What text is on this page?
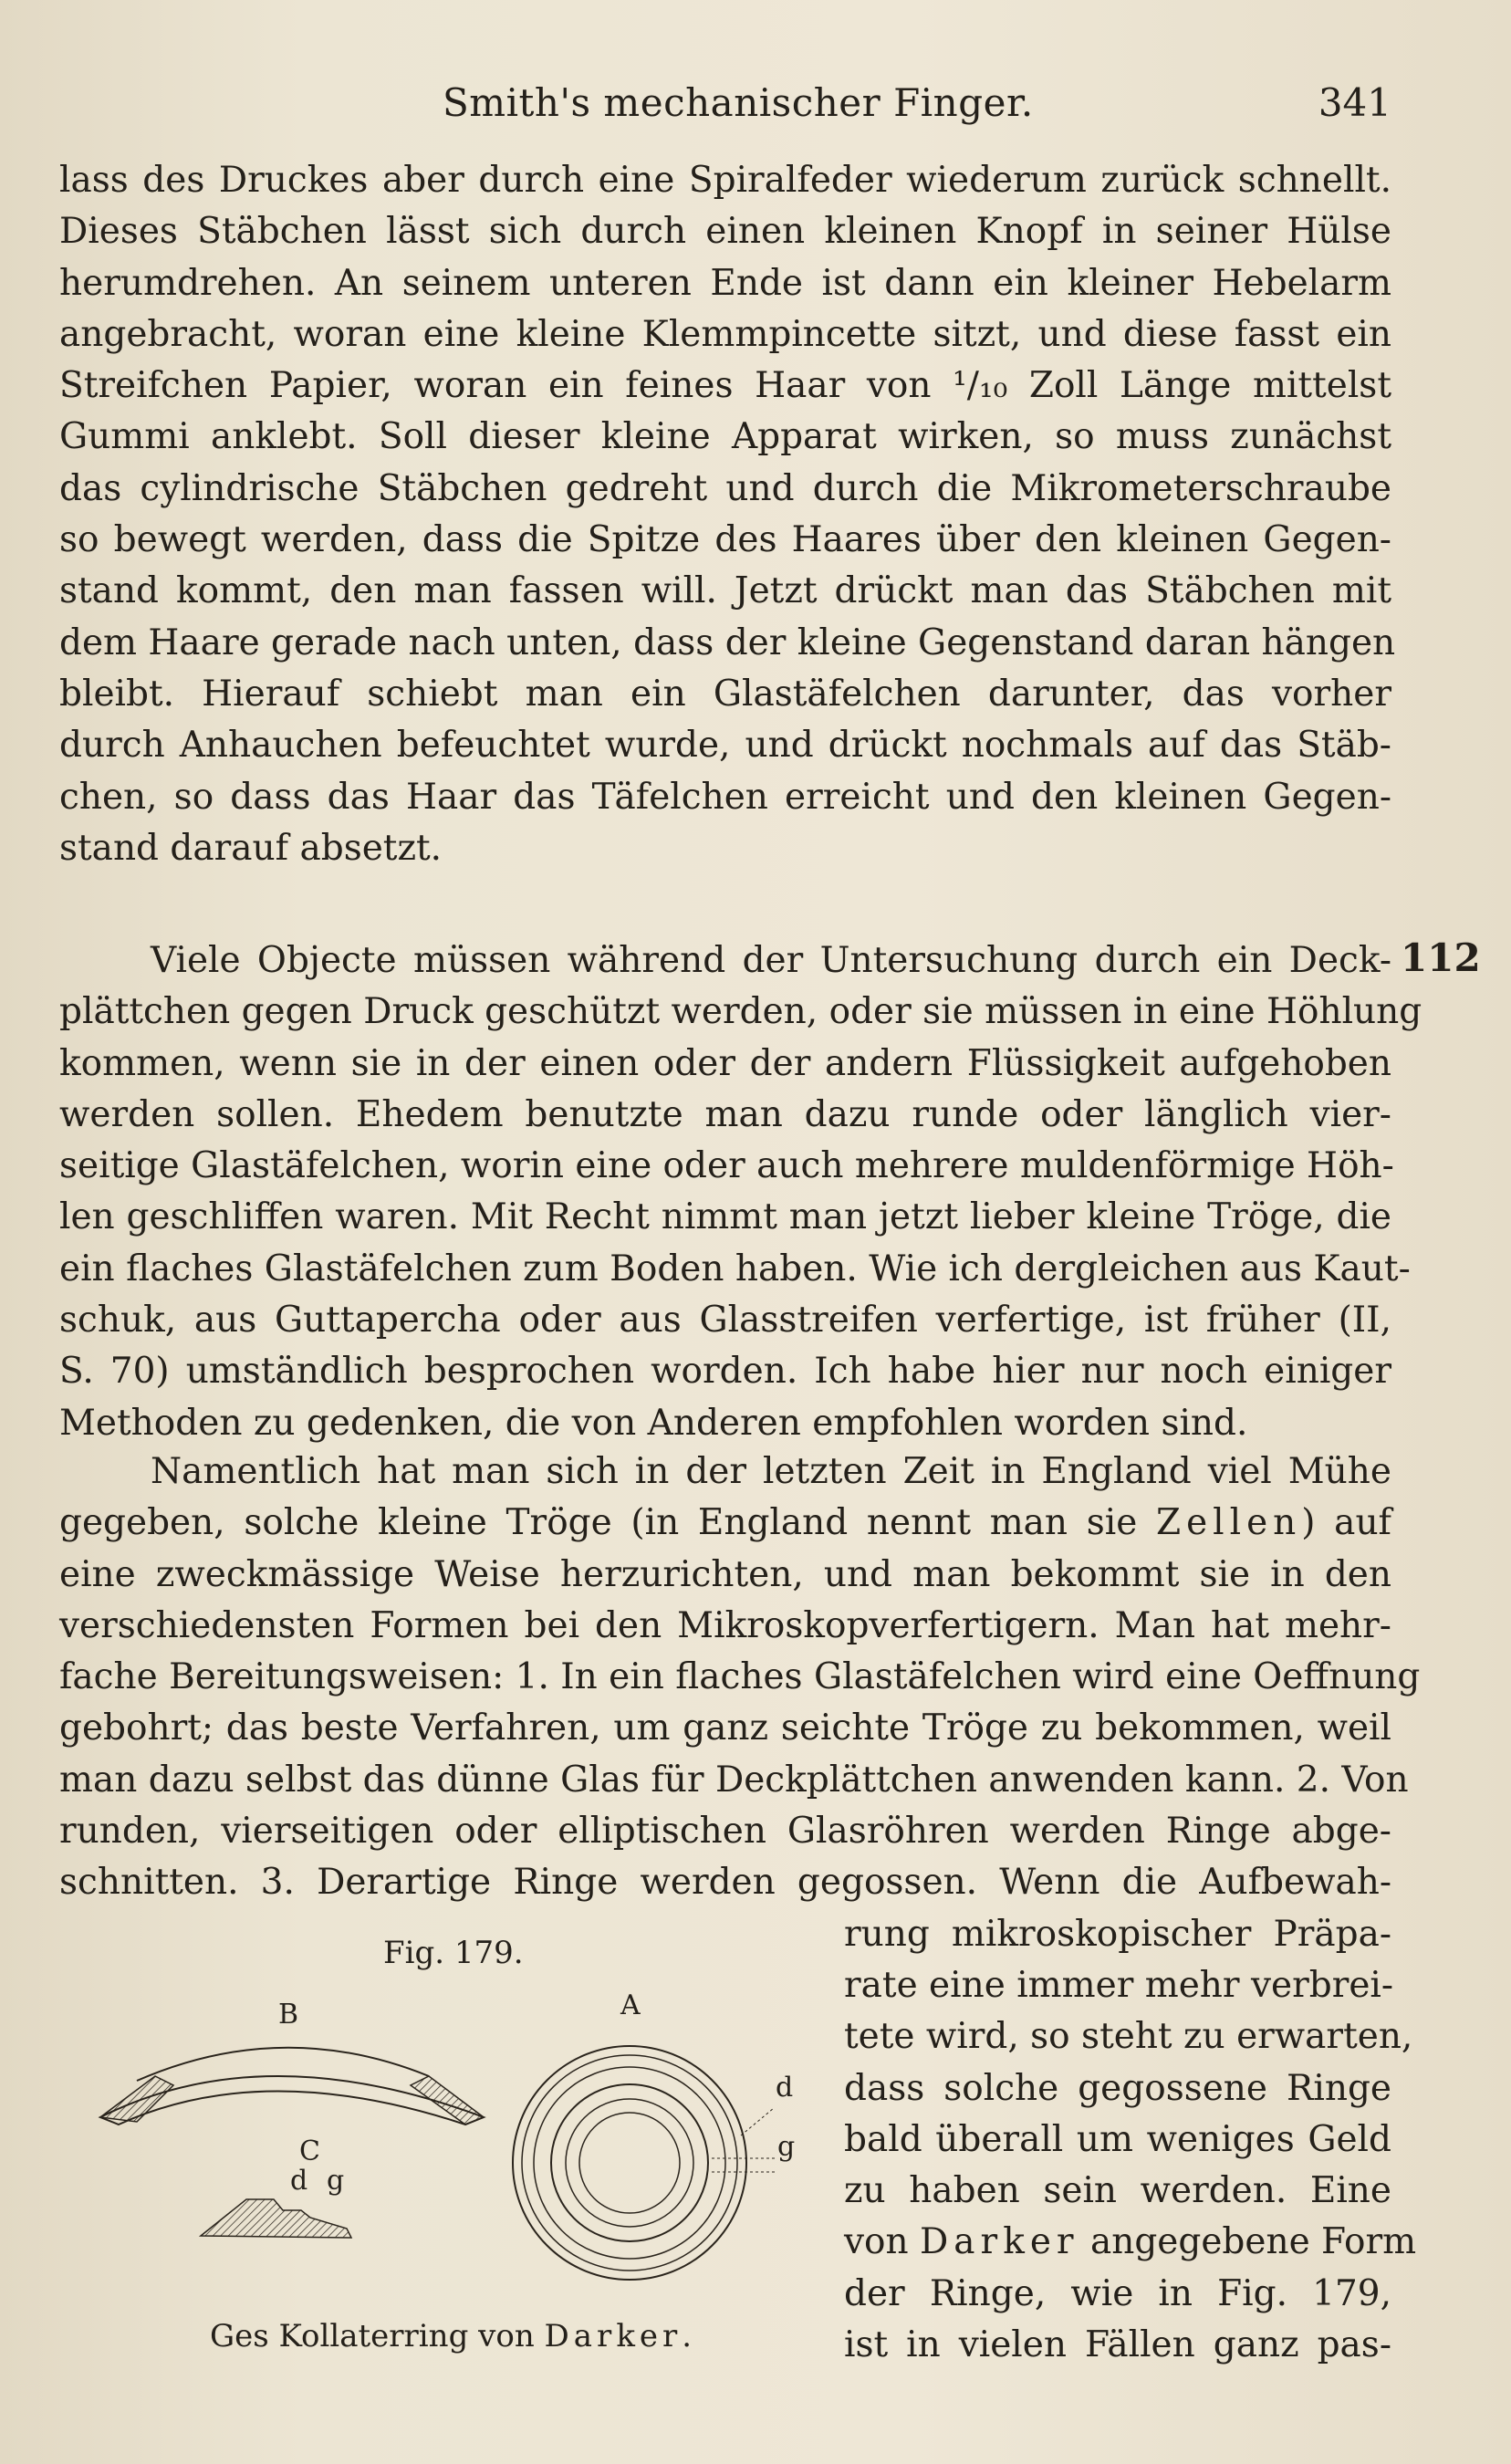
Smith's mechanischer Finger.	341
lass des Druckes aber durch eine Spiralfeder wiederum zurück schnellt.
Dieses Stäbchen lässt sich durch einen kleinen Knopf in seiner Hülse
herumdrehen. An seinem unteren Ende ist dann ein kleiner Hebelarm
angebracht, woran eine kleine Klemmpincette sitzt, und diese fasst ein
Streifchen Papier, woran ein feines Haar von ¹/₁₀ Zoll Länge mittelst
Gummi anklebt. Soll dieser kleine Apparat wirken, so muss zunächst
das cylindrische Stäbchen gedreht und durch die Mikrometerschraube
so bewegt werden, dass die Spitze des Haares über den kleinen Gegen-
stand kommt, den man fassen will. Jetzt drückt man das Stäbchen mit
dem Haare gerade nach unten, dass der kleine Gegenstand daran hängen
bleibt. Hierauf schiebt man ein Glastäfelchen darunter, das vorher
durch Anhauchen befeuchtet wurde, und drückt nochmals auf das Stäb-
chen, so dass das Haar das Täfelchen erreicht und den kleinen Gegen-
stand darauf absetzt.
112
Viele Objecte müssen während der Untersuchung durch ein Deck-
plättchen gegen Druck geschützt werden, oder sie müssen in eine Höhlung
kommen, wenn sie in der einen oder der andern Flüssigkeit aufgehoben
werden sollen. Ehedem benutzte man dazu runde oder länglich vier-
seitige Glastäfelchen, worin eine oder auch mehrere muldenförmige Höh-
len geschliffen waren. Mit Recht nimmt man jetzt lieber kleine Tröge, die
ein flaches Glastäfelchen zum Boden haben. Wie ich dergleichen aus Kaut-
schuk, aus Guttapercha oder aus Glasstreifen verfertige, ist früher (II,
S. 70) umständlich besprochen worden. Ich habe hier nur noch einiger
Methoden zu gedenken, die von Anderen empfohlen worden sind.
Namentlich hat man sich in der letzten Zeit in England viel Mühe
gegeben, solche kleine Tröge (in England nennt man sie Zellen) auf
eine zweckmässige Weise herzurichten, und man bekommt sie in den
verschiedensten Formen bei den Mikroskopverfertigern. Man hat mehr-
fache Bereitungsweisen: 1. In ein flaches Glastäfelchen wird eine Oeffnung
gebohrt; das beste Verfahren, um ganz seichte Tröge zu bekommen, weil
man dazu selbst das dünne Glas für Deckplättchen anwenden kann. 2. Von
runden, vierseitigen oder elliptischen Glasröhren werden Ringe abge-
schnitten. 3. Derartige Ringe werden gegossen. Wenn die Aufbewah-
rung mikroskopischer Präpa-
rate eine immer mehr verbrei-
tete wird, so steht zu erwarten,
dass solche gegossene Ringe
bald überall um weniges Geld
zu haben sein werden. Eine
von Darker angegebene Form
der Ringe, wie in Fig. 179,
ist in vielen Fällen ganz pas-
Fig. 179.
B
C
d g
A
d
g
Ges Kollaterring von Darker.
